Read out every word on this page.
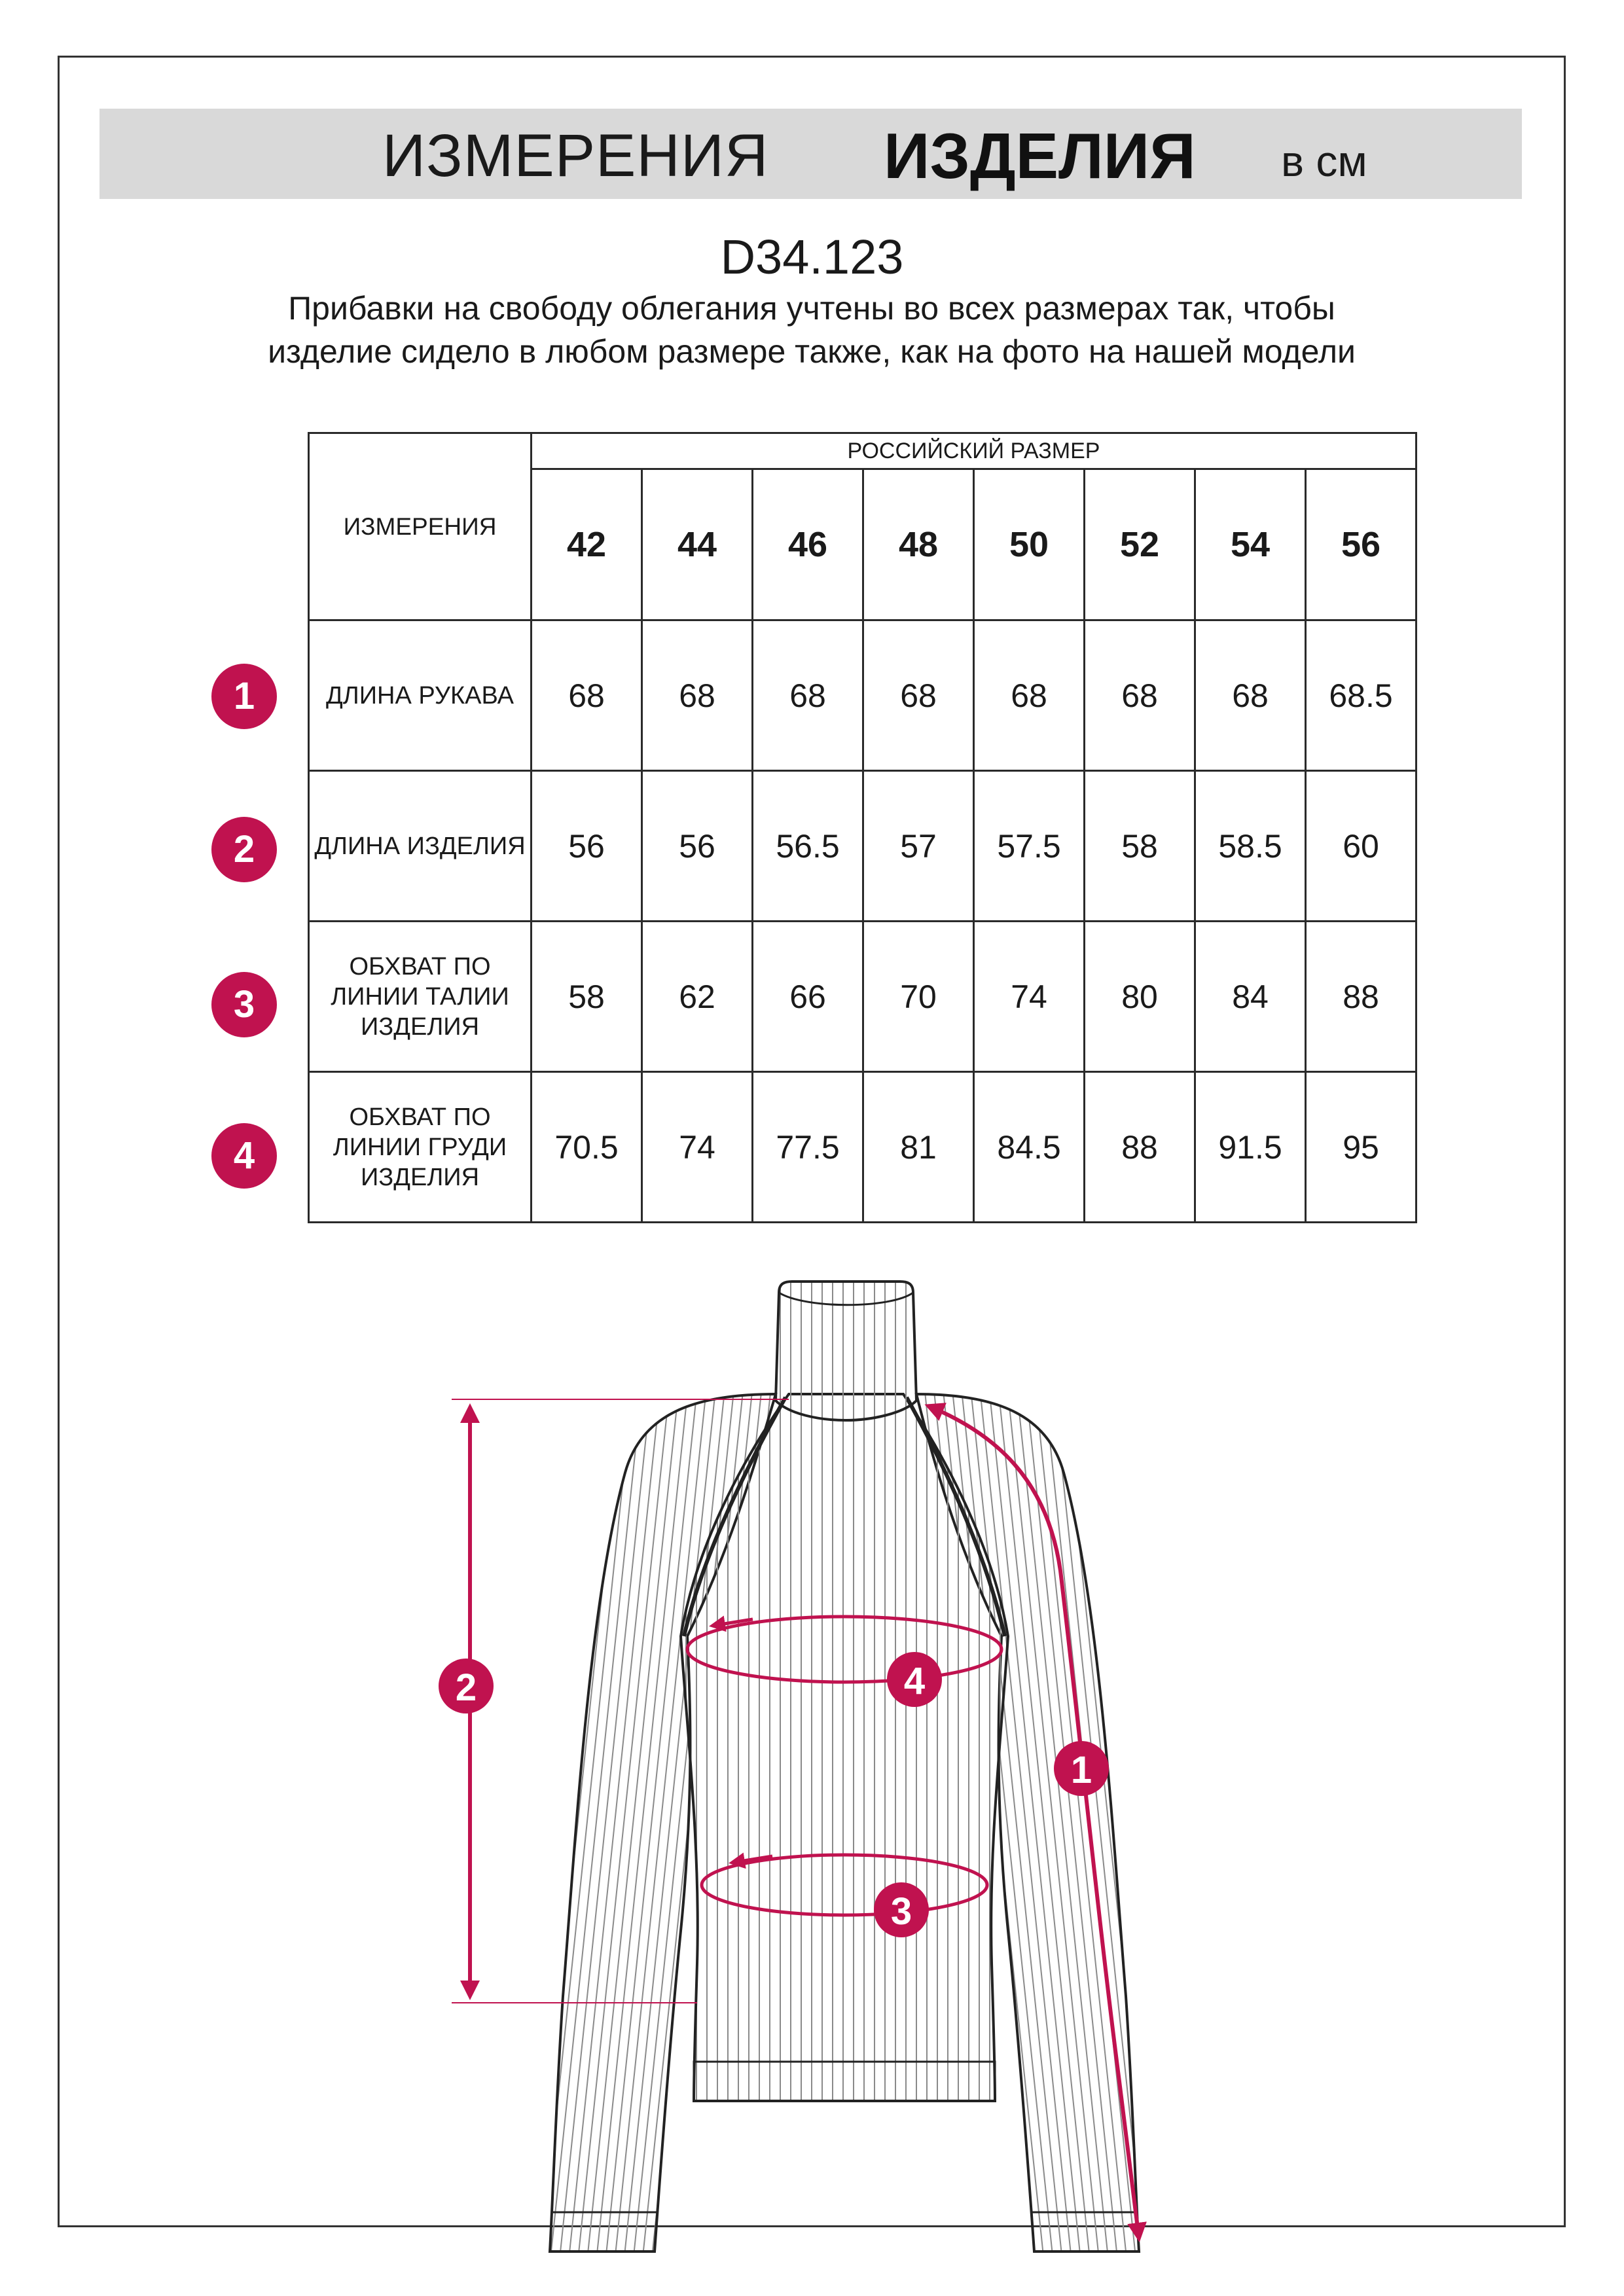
ИЗМЕРЕНИЯ ИЗДЕЛИЯ в см
D34.123
Прибавки на свободу облегания учтены во всех размерах так, чтобы изделие сидело в любом размере также, как на фото на нашей модели
ИЗМЕРЕНИЯ	РОССИЙСКИЙ РАЗМЕР							
	42	44	46	48	50	52	54	56
ДЛИНА РУКАВА	68	68	68	68	68	68	68	68.5
ДЛИНА ИЗДЕЛИЯ	56	56	56.5	57	57.5	58	58.5	60
ОБХВАТ ПО ЛИНИИ ТАЛИИ ИЗДЕЛИЯ	58	62	66	70	74	80	84	88
ОБХВАТ ПО ЛИНИИ ГРУДИ ИЗДЕЛИЯ	70.5	74	77.5	81	84.5	88	91.5	95
1
2
3
4
1
2
3
4
